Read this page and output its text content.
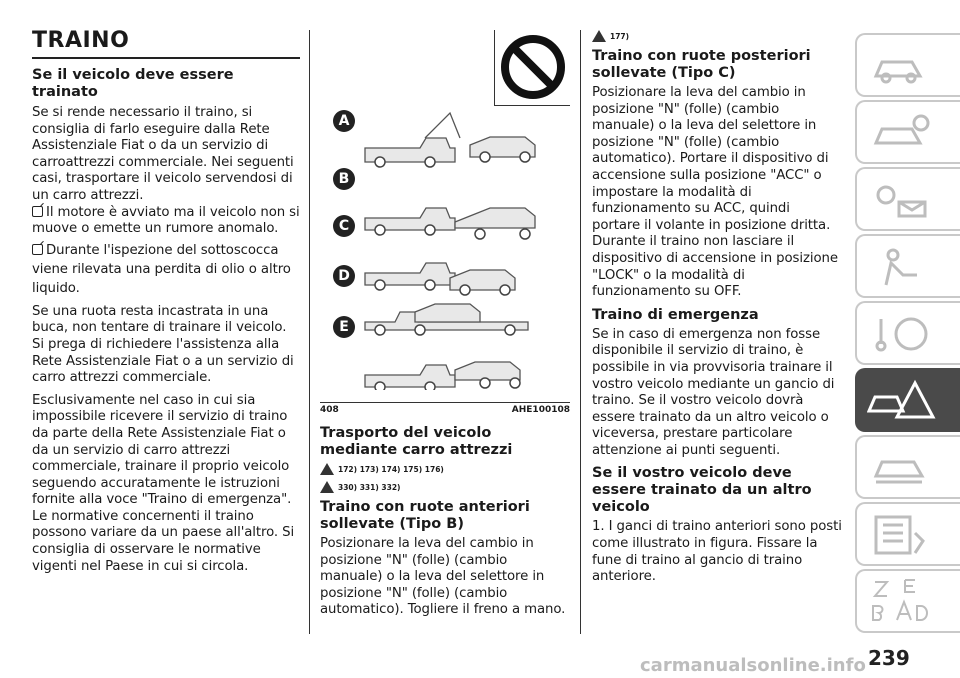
TRAINO
Se il veicolo deve essere trainato

Se si rende necessario il traino, si consiglia di farlo eseguire dalla Rete Assistenziale Fiat o da un servizio di carroattrezzi commerciale. Nei seguenti casi, trasportare il veicolo servendosi di un carro attrezzi.

Il motore è avviato ma il veicolo non si muove o emette un rumore anomalo.

Durante l'ispezione del sottoscocca viene rilevata una perdita di olio o altro liquido.

Se una ruota resta incastrata in una buca, non tentare di trainare il veicolo. Si prega di richiedere l'assistenza alla Rete Assistenziale Fiat o a un servizio di carro attrezzi commerciale.

Esclusivamente nel caso in cui sia impossibile ricevere il servizio di traino da parte della Rete Assistenziale Fiat o da un servizio di carro attrezzi commerciale, trainare il proprio veicolo seguendo accuratamente le istruzioni fornite alla voce "Traino di emergenza". Le normative concernenti il traino possono variare da un paese all'altro. Si consiglia di osservare le normative vigenti nel Paese in cui si circola.

A
B
C
D
E
408	AHE100108
Trasporto del veicolo mediante carro attrezzi
172) 173) 174) 175) 176)
330) 331) 332)
Traino con ruote anteriori sollevate (Tipo B)

Posizionare la leva del cambio in posizione "N" (folle) (cambio manuale) o la leva del selettore in posizione "N" (folle) (cambio automatico). Togliere il freno a mano.

177)
Traino con ruote posteriori sollevate (Tipo C)

Posizionare la leva del cambio in posizione "N" (folle) (cambio manuale) o la leva del selettore in posizione "N" (folle) (cambio automatico). Portare il dispositivo di accensione sulla posizione "ACC" o impostare la modalità di funzionamento su ACC, quindi portare il volante in posizione dritta. Durante il traino non lasciare il dispositivo di accensione in posizione "LOCK" o la modalità di funzionamento su OFF.

Traino di emergenza

Se in caso di emergenza non fosse disponibile il servizio di traino, è possibile in via provvisoria trainare il vostro veicolo mediante un gancio di traino. Se il vostro veicolo dovrà essere trainato da un altro veicolo o viceversa, prestare particolare attenzione ai punti seguenti.

Se il vostro veicolo deve essere trainato da un altro veicolo

1. I ganci di traino anteriori sono posti come illustrato in figura. Fissare la fune di traino al gancio di traino anteriore.

239
carmanualsonline.info
